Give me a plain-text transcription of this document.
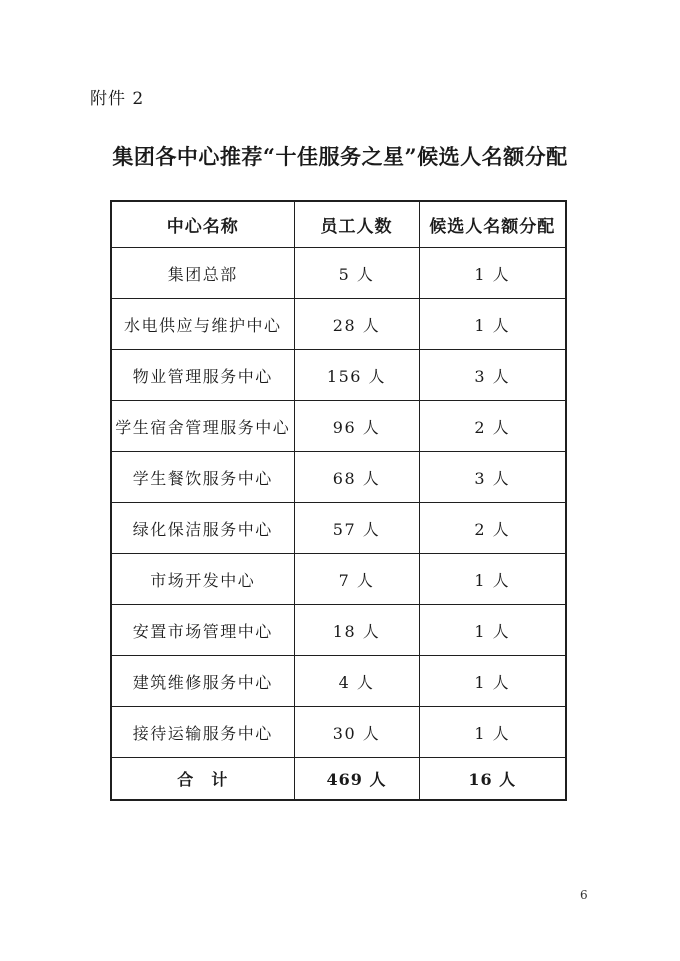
附件 2
集团各中心推荐“十佳服务之星”候选人名额分配
中心名称	员工人数	候选人名额分配
集团总部	5 人	1 人
水电供应与维护中心	28 人	1 人
物业管理服务中心	156 人	3 人
学生宿舍管理服务中心	96 人	2 人
学生餐饮服务中心	68 人	3 人
绿化保洁服务中心	57 人	2 人
市场开发中心	7 人	1 人
安置市场管理中心	18 人	1 人
建筑维修服务中心	4 人	1 人
接待运输服务中心	30 人	1 人
合　计	469 人	16 人
6
